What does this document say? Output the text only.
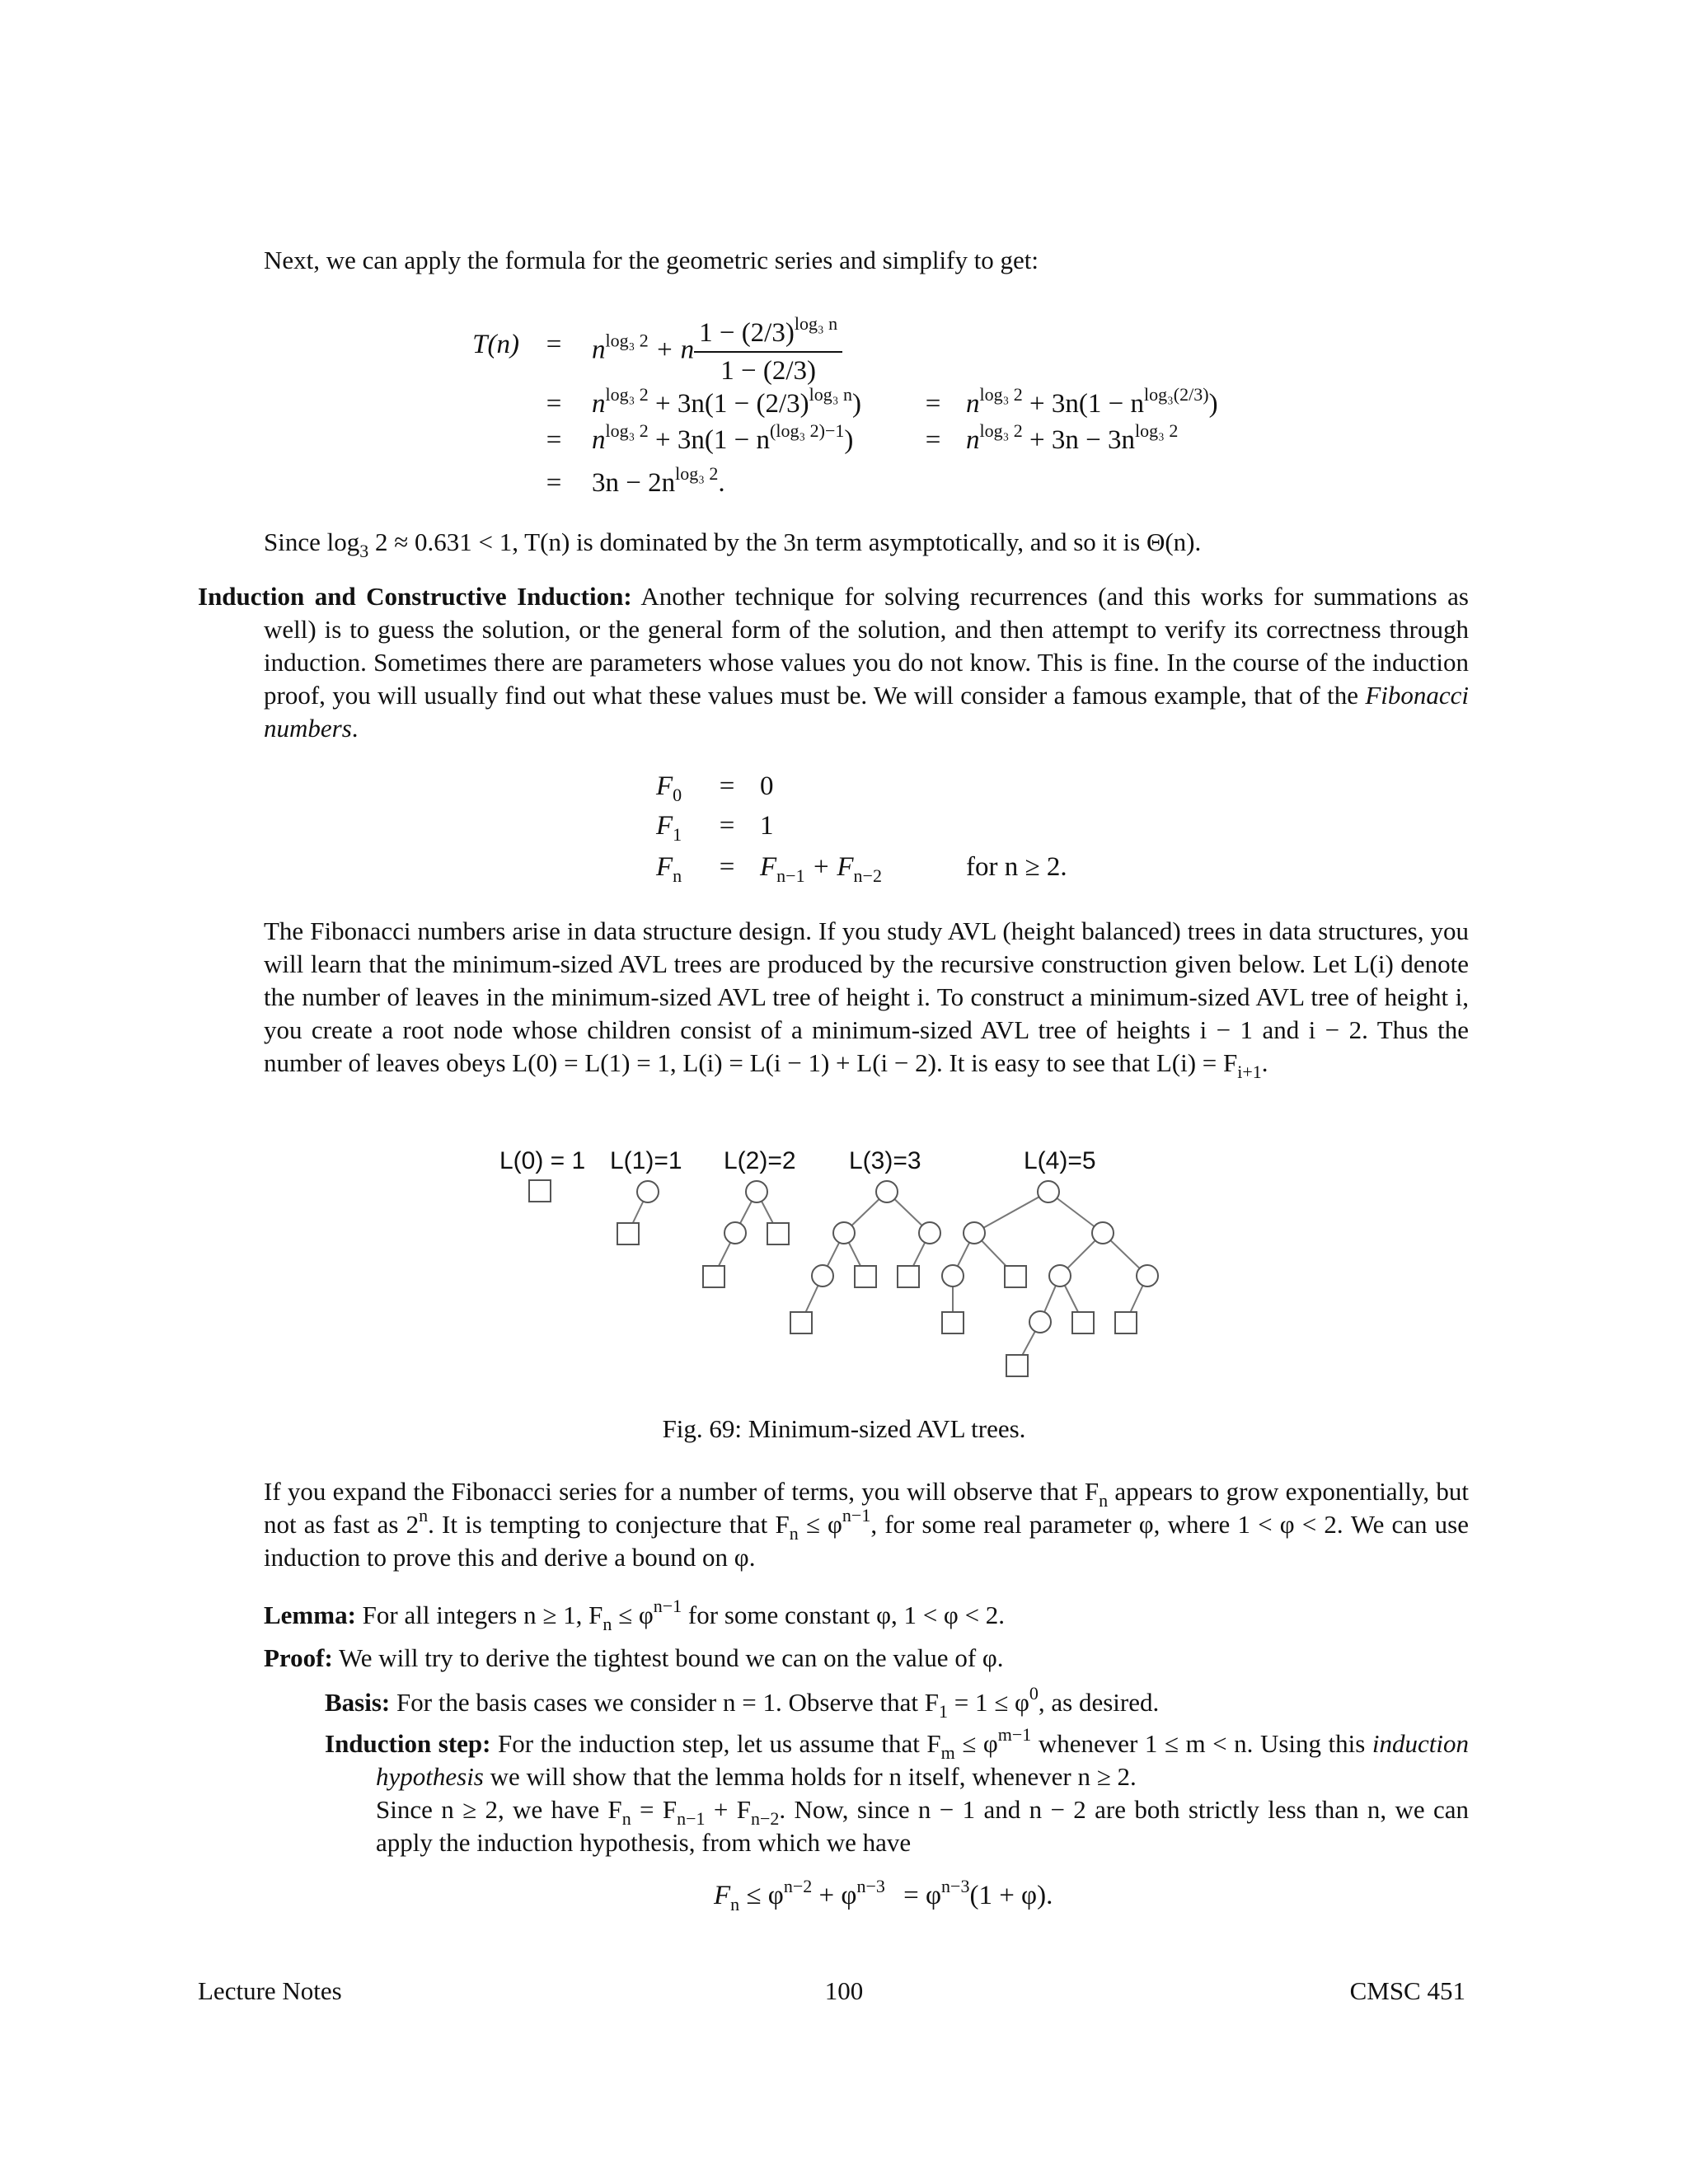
Next, we can apply the formula for the geometric series and simplify to get:

T(n) =	$n^{log_3 2} + n \frac{1 - (2/3)^{log_3 n}}{1 - (2/3)}$
=	$n^{log_3 2} + 3n(1 - (2/3)^{log_3 n})$	= $n^{log_3 2} + 3n(1 - n^{log_3(2/3)})$
=	$n^{log_3 2} + 3n(1 - n^{(log_3 2)-1})$	= $n^{log_3 2} + 3n - 3n^{log_3 2}$
=	$3n - 2n^{log_3 2}$.

Since $\log_3 2 \approx 0.631 < 1$, T(n) is dominated by the 3n term asymptotically, and so it is Θ(n).

Induction and Constructive Induction: Another technique for solving recurrences (and this works for summations as well) is to guess the solution, or the general form of the solution, and then attempt to verify its correctness through induction. Sometimes there are parameters whose values you do not know. This is fine. In the course of the induction proof, you will usually find out what these values must be. We will consider a famous example, that of the Fibonacci numbers.

$F_0$	= 0
$F_1$	= 1
$F_n$	= $F_{n-1} + F_{n-2}$	for n ≥ 2.

The Fibonacci numbers arise in data structure design. If you study AVL (height balanced) trees in data structures, you will learn that the minimum-sized AVL trees are produced by the recursive construction given below. Let L(i) denote the number of leaves in the minimum-sized AVL tree of height i. To construct a minimum-sized AVL tree of height i, you create a root node whose children consist of a minimum-sized AVL tree of heights i − 1 and i − 2. Thus the number of leaves obeys L(0) = L(1) = 1, L(i) = L(i − 1) + L(i − 2). It is easy to see that $L(i) = F_{i+1}$.

L(0) = 1 L(1)=1 L(2)=2 L(3)=3	L(4)=5
Fig. 69: Minimum-sized AVL trees.

If you expand the Fibonacci series for a number of terms, you will observe that $F_n$ appears to grow exponentially, but not as fast as 2$^n$. It is tempting to conjecture that $F_n \le \varphi^{n-1}$, for some real parameter φ, where 1 < φ < 2. We can use induction to prove this and derive a bound on φ.

Lemma: For all integers n ≥ 1, $F_n \le \varphi^{n-1}$ for some constant φ, 1 < φ < 2.

Proof: We will try to derive the tightest bound we can on the value of φ.

Basis: For the basis cases we consider n = 1. Observe that $F_1 = 1 \le \varphi^0$, as desired.

Induction step: For the induction step, let us assume that $F_m \le \varphi^{m-1}$ whenever 1 ≤ m < n. Using this induction hypothesis we will show that the lemma holds for n itself, whenever n ≥ 2.

Since n ≥ 2, we have $F_n = F_{n-1} + F_{n-2}$. Now, since n − 1 and n − 2 are both strictly less than n, we can apply the induction hypothesis, from which we have

$F_n \le \varphi^{n-2} + \varphi^{n-3} = \varphi^{n-3}(1 + \varphi)$.
Lecture Notes	100	CMSC 451
